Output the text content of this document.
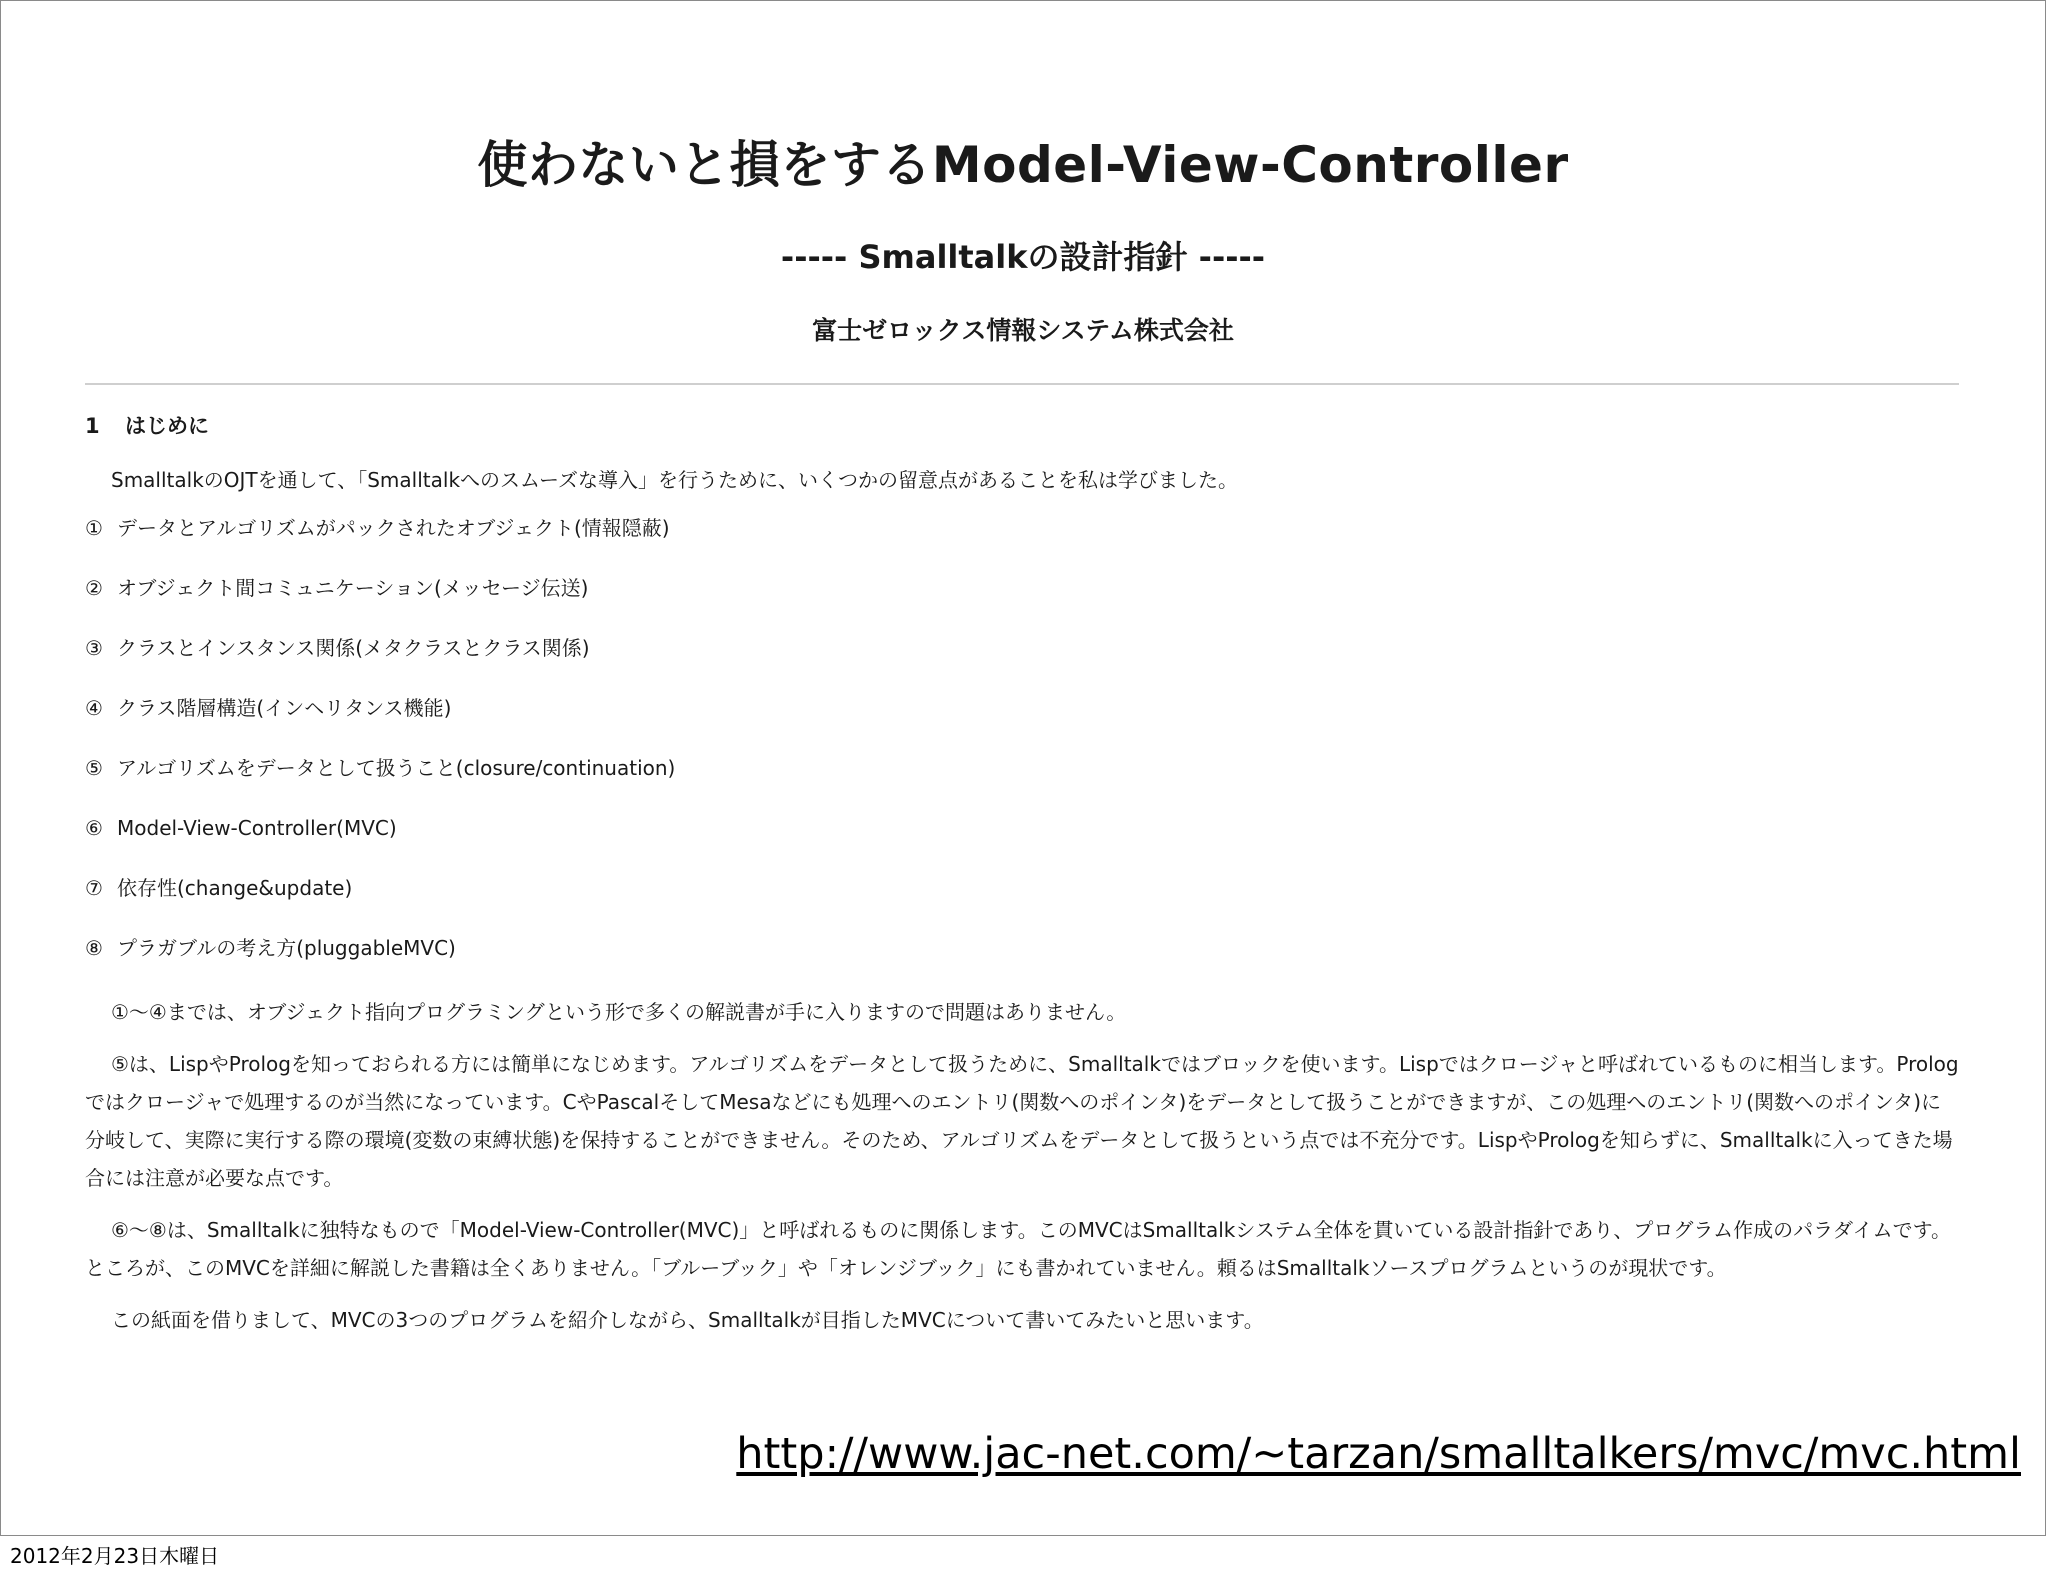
使わないと損をするModel-View-Controller
----- Smalltalkの設計指針 -----
富士ゼロックス情報システム株式会社
1 はじめに
SmalltalkのOJTを通して、「Smalltalkへのスムーズな導入」を行うために、いくつかの留意点があることを私は学びました。
① データとアルゴリズムがパックされたオブジェクト(情報隠蔽)
② オブジェクト間コミュニケーション(メッセージ伝送)
③ クラスとインスタンス関係(メタクラスとクラス関係)
④ クラス階層構造(インヘリタンス機能)
⑤ アルゴリズムをデータとして扱うこと(closure/continuation)
⑥ Model-View-Controller(MVC)
⑦ 依存性(change&update)
⑧ プラガブルの考え方(pluggableMVC)
①〜④までは、オブジェクト指向プログラミングという形で多くの解説書が手に入りますので問題はありません。
⑤は、LispやPrologを知っておられる方には簡単になじめます。アルゴリズムをデータとして扱うために、Smalltalkではブロックを使います。Lispではクロージャと呼ばれているものに相当します。Prologではクロージャで処理するのが当然になっています。CやPascalそしてMesaなどにも処理へのエントリ(関数へのポインタ)をデータとして扱うことができますが、この処理へのエントリ(関数へのポインタ)に分岐して、実際に実行する際の環境(変数の束縛状態)を保持することができません。そのため、アルゴリズムをデータとして扱うという点では不充分です。LispやPrologを知らずに、Smalltalkに入ってきた場合には注意が必要な点です。
⑥〜⑧は、Smalltalkに独特なもので「Model-View-Controller(MVC)」と呼ばれるものに関係します。このMVCはSmalltalkシステム全体を貫いている設計指針であり、プログラム作成のパラダイムです。ところが、このMVCを詳細に解説した書籍は全くありません。「ブルーブック」や「オレンジブック」にも書かれていません。頼るはSmalltalkソースプログラムというのが現状です。
この紙面を借りまして、MVCの3つのプログラムを紹介しながら、Smalltalkが目指したMVCについて書いてみたいと思います。
http://www.jac-net.com/~tarzan/smalltalkers/mvc/mvc.html
2012年2月23日木曜日
